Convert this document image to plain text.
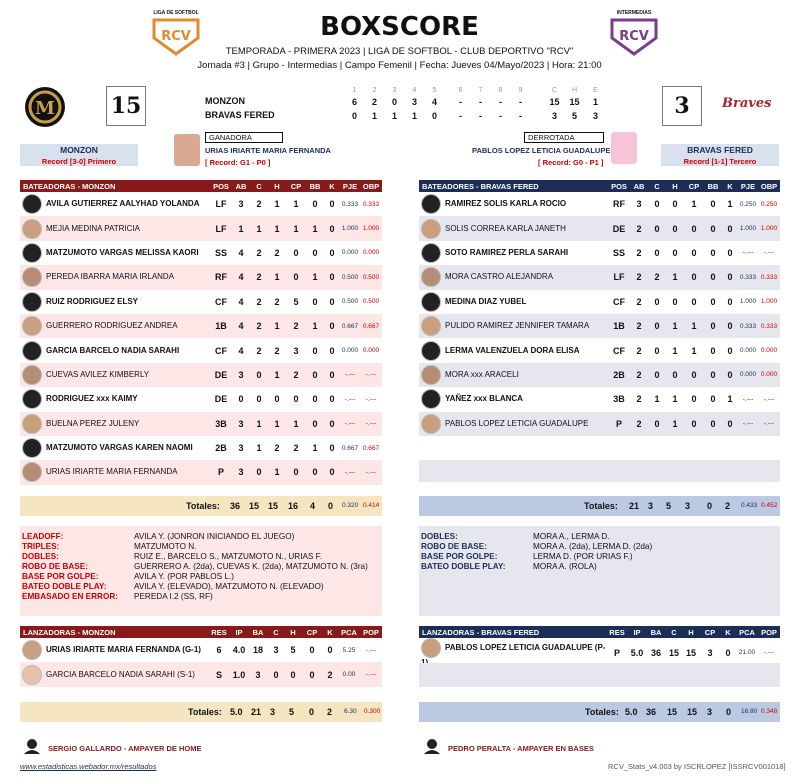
LIGA DE SOFTBOL
RCV	BOXSCORE	INTERMEDIAS
RCV
TEMPORADA - PRIMERA 2023 | LIGA DE SOFTBOL - CLUB DEPORTIVO "RCV"
Jornada #3 | Grupo - Intermedias | Campo Femenil | Fecha: Jueves 04/Mayo/2023 | Hora: 21:00
M	15	3	Braves
MONZON
BRAVAS FERED
1	2	3	4	5	6	7	8	9	C	H	E
6	2	0	3	4	-	-	-	-	15	15	1
0	1	1	1	0	-	-	-	-	3	5	3
MONZON
Record [3-0] Primero
BRAVAS FERED
Record [1-1] Tercero
GANADORA
URIAS IRIARTE MARIA FERNANDA
[ Record: G1 - P0 ]
DERROTADA
PABLOS LOPEZ LETICIA GUADALUPE
[ Record: G0 - P1 ]
BATEADORAS - MONZON	POS	AB	C	H	CP	BB	K	PJE	OBP
AVILA GUTIERREZ AALYHAD YOLANDA	LF	3	2	1	1	0	0	0.333	0.333
MEJIA MEDINA PATRICIA	LF	1	1	1	1	1	0	1.000	1.000
MATZUMOTO VARGAS MELISSA KAORI	SS	4	2	2	0	0	0	0.000	0.000
PEREDA IBARRA MARIA IRLANDA	RF	4	2	1	0	1	0	0.500	0.500
RUIZ RODRIGUEZ ELSY	CF	4	2	2	5	0	0	0.500	0.500
GUERRERO RODRIGUEZ ANDREA	1B	4	2	1	2	1	0	0.667	0.667
GARCIA BARCELO NADIA SARAHI	CF	4	2	2	3	0	0	0.000	0.000
CUEVAS AVILEZ KIMBERLY	DE	3	0	1	2	0	0	-.---	-.---
RODRIGUEZ xxx KAIMY	DE	0	0	0	0	0	0	-.---	-.---
BUELNA PEREZ JULENY	3B	3	1	1	1	0	0	-.---	-.---
MATZUMOTO VARGAS KAREN NAOMI	2B	3	1	2	2	1	0	0.667	0.667
URIAS IRIARTE MARIA FERNANDA	P	3	0	1	0	0	0	-.---	-.---
BATEADORES - BRAVAS FERED	POS	AB	C	H	CP	BB	K	PJE	OBP
RAMIREZ SOLIS KARLA ROCIO	RF	3	0	0	1	0	1	0.250	0.250
SOLIS CORREA KARLA JANETH	DE	2	0	0	0	0	0	1.000	1.000
SOTO RAMIREZ PERLA SARAHI	SS	2	0	0	0	0	0	-.---	-.---
MORA CASTRO ALEJANDRA	LF	2	2	1	0	0	0	0.333	0.333
MEDINA DIAZ YUBEL	CF	2	0	0	0	0	0	1.000	1.000
PULIDO RAMIREZ JENNIFER TAMARA	1B	2	0	1	1	0	0	0.333	0.333
LERMA VALENZUELA DORA ELISA	CF	2	0	1	1	0	0	0.000	0.000
MORA xxx ARACELI	2B	2	0	0	0	0	0	0.000	0.000
YAÑEZ xxx BLANCA	3B	2	1	1	0	0	1	-.---	-.---
PABLOS LOPEZ LETICIA GUADALUPE	P	2	0	1	0	0	0	-.---	-.---
Totales: 36 15 15 16 4 0 0.320 0.414	Totales: 21 3 5 3 0 2 0.433 0.452
LEADOFF:	AVILA Y. (JONRON INICIANDO EL JUEGO)
TRIPLES:	MATZUMOTO N.
DOBLES:	RUIZ E., BARCELO S., MATZUMOTO N., URIAS F.
ROBO DE BASE:	GUERRERO A. (2da), CUEVAS K. (2da), MATZUMOTO N. (3ra)
BASE POR GOLPE:	AVILA Y. (POR PABLOS L.)
BATEO DOBLE PLAY:	AVILA Y. (ELEVADO), MATZUMOTO N. (ELEVADO)
EMBASADO EN ERROR: PEREDA I.2 (SS, RF)
DOBLES:	MORA A., LERMA D.
ROBO DE BASE:	MORA A. (2da), LERMA D. (2da)
BASE POR GOLPE:	LERMA D. (POR URIAS F.)
BATEO DOBLE PLAY:	MORA A. (ROLA)
LANZADORAS - MONZON	RES	IP	BA	C	H	CP	K	PCA	POP
URIAS IRIARTE MARIA FERNANDA (G-1)	6	4.0	18	3	5	0	0	5.25	-.---
GARCIA BARCELO NADIA SARAHI (S-1)	S	1.0	3	0	0	0	2	0.00	-.---
LANZADORAS - BRAVAS FERED	RES	IP	BA	C	H	CP	K	PCA	POP
PABLOS LOPEZ LETICIA GUADALUPE (P-	P	5.0	36	15	15	3	0	21.00	-.---
Totales: 5.0 21 3 5 0 2 6.30 0.300	Totales: 5.0 36 15 15 3 0 16.80 0.348
SERGIO GALLARDO - AMPAYER DE HOME	PEDRO PERALTA - AMPAYER EN BASES
www.estadisticas.webador.mx/resultados	RCV_Stats_v4.003 by ISCRLOPEZ [ISSRCV001018]
